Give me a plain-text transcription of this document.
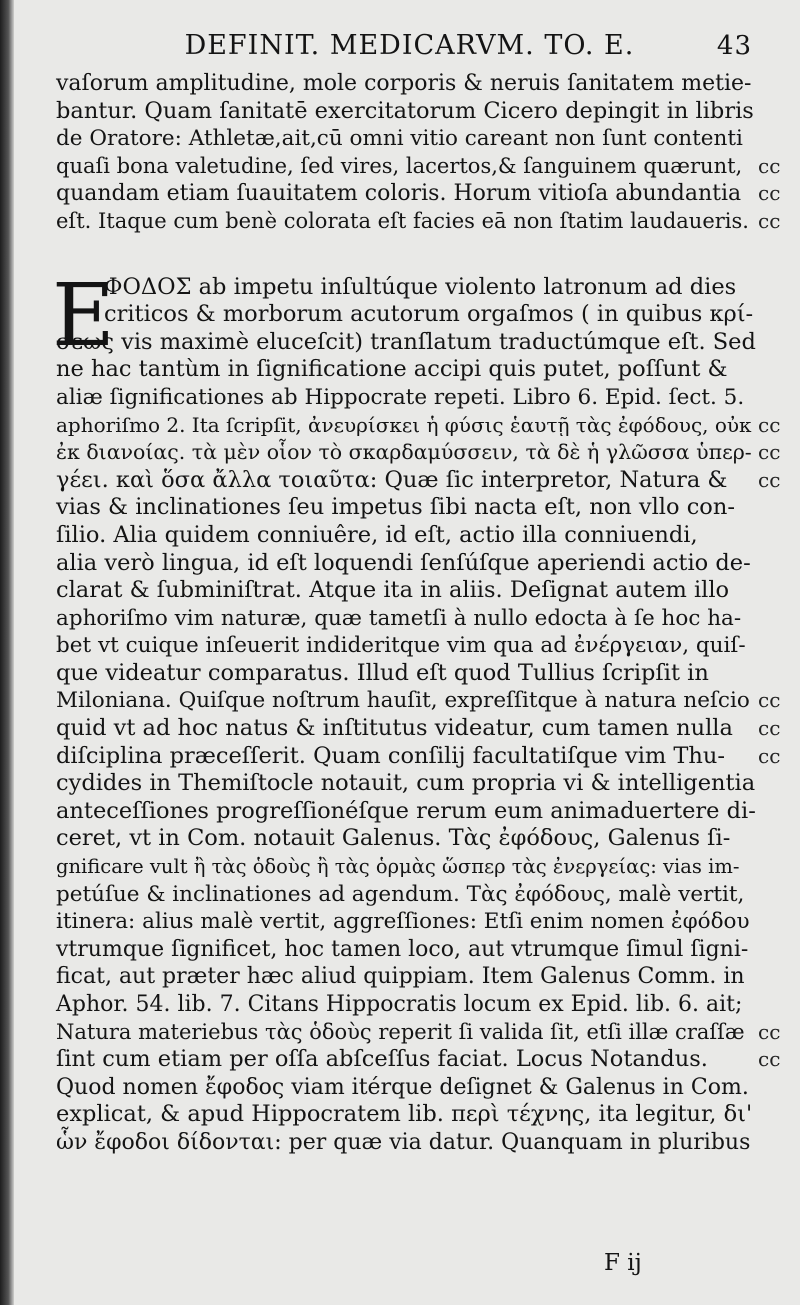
DEFINIT. MEDICARVM. TO. E.	43
vaſorum amplitudine, mole corporis & neruis ſanitatem metie-
bantur. Quam ſanitatē exercitatorum Cicero depingit in libris
de Oratore: Athletæ,ait,cū omni vitio careant non ſunt contenti
quaſi bona valetudine, ſed vires, lacertos,& ſanguinem quærunt, cc
quandam etiam ſuauitatem coloris. Horum vitioſa abundantia cc
eſt. Itaque cum benè colorata eſt facies eā non ſtatim laudaueris. cc
E
ΦΟΔΟΣ ab impetu inſultúque violento latronum ad dies
criticos & morborum acutorum orgaſmos ( in quibus κρί-
σεως vis maximè eluceſcit) tranſlatum traductúmque eſt. Sed
ne hac tantùm in ſignificatione accipi quis putet, poſſunt &
aliæ ſignificationes ab Hippocrate repeti. Libro 6. Epid. ſect. 5.
aphoriſmo 2. Ita ſcripſit, ἀνευρίσκει ἡ φύσις ἑαυτῇ τὰς ἐφόδους, οὐκ cc
ἐκ διανοίας. τὰ μὲν οἷον τὸ σκαρδαμύσσειν, τὰ δὲ ἡ γλῶσσα ὑπερ- cc
γέει. καὶ ὅσα ἄλλα τοιαῦτα: Quæ ſic interpretor, Natura & cc
vias & inclinationes ſeu impetus ſibi nacta eſt, non vllo con-
ſilio. Alia quidem conniuêre, id eſt, actio illa conniuendi,
alia verò lingua, id eſt loquendi ſenſúſque aperiendi actio de-
clarat & ſubminiſtrat. Atque ita in aliis. Deſignat autem illo
aphoriſmo vim naturæ, quæ tametſi à nullo edocta à ſe hoc ha-
bet vt cuique inſeuerit indideritque vim qua ad ἐνέργειαν, quiſ-
que videatur comparatus. Illud eſt quod Tullius ſcripſit in
Miloniana. Quiſque noſtrum hauſit, expreſſitque à natura neſcio cc
quid vt ad hoc natus & inſtitutus videatur, cum tamen nulla cc
diſciplina præceſſerit. Quam conſilij facultatiſque vim Thu- cc
cydides in Themiſtocle notauit, cum propria vi & intelligentia
anteceſſiones progreſſionéſque rerum eum animaduertere di-
ceret, vt in Com. notauit Galenus. Τὰς ἐφόδους, Galenus ſi-
gnificare vult ἢ τὰς ὁδοὺς ἢ τὰς ὁρμὰς ὥσπερ τὰς ἐνεργείας: vias im-
petúſue & inclinationes ad agendum. Τὰς ἐφόδους, malè vertit,
itinera: alius malè vertit, aggreſſiones: Etſi enim nomen ἐφόδου
vtrumque ſignificet, hoc tamen loco, aut vtrumque ſimul ſigni-
ficat, aut præter hæc aliud quippiam. Item Galenus Comm. in
Aphor. 54. lib. 7. Citans Hippocratis locum ex Epid. lib. 6. ait;
Natura materiebus τὰς ὁδοὺς reperit ſi valida ſit, etſi illæ craſſæ cc
ſint cum etiam per oſſa abſceſſus faciat. Locus Notandus.	cc
Quod nomen ἔφοδος viam itérque deſignet & Galenus in Com.
explicat, & apud Hippocratem lib. περὶ τέχνης, ita legitur, δι'
ὧν ἔφοδοι δίδονται: per quæ via datur. Quanquam in pluribus
F ij
